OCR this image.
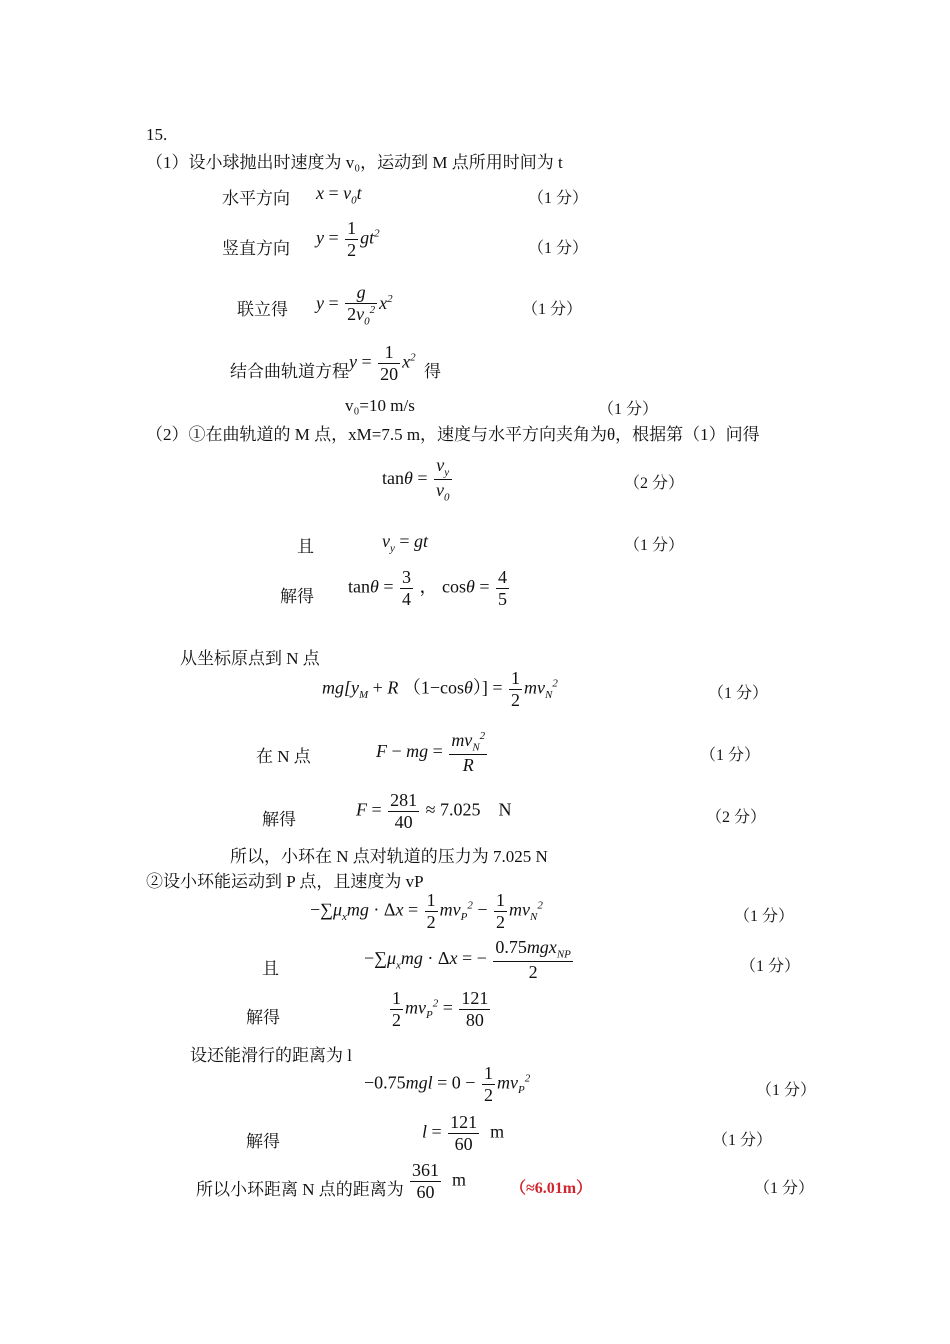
15.
（1）设小球抛出时速度为 v₀，运动到 M 点所用时间为 t
水平方向 $x = v_0t$	（1 分）
竖直方向
$y = \frac{1}{2} gt^2$
（1 分）
联立得 $y = \frac{g}{2v_0^2} x^2$
（1 分）
结合曲轨道方程
$y = \frac{1}{20} x^2$
得
v₀=10 m/s	（1 分）
（2）①在曲轨道的 M 点，xM=7.5 m，速度与水平方向夹角为θ，根据第（1）问得
$\tan\theta = \frac{v_y}{v_0}$	（2 分）
且	$v_y$ = gt	（1 分）
解得
$\tan\theta = \frac{3}{4}$ ， $\cos\theta = \frac{4}{5}$
从坐标原点到 N 点
$mg[y_M + R$ $(1-\cos\theta)] = \frac{1}{2} mv_N^2$
（1 分）
在 N 点	F − mg = $\frac{mv_N^2}{R}$	（1 分）
解得
$F = \frac{281}{40} \approx 7.025$    N	（2 分）
所以，小环在 N 点对轨道的压力为 7.025 N
②设小环能运动到 P 点，且速度为 vP
$-\sum\mu_xmg \cdot \Delta x = \frac{1}{2} mv_P^2 - \frac{1}{2} mv_N^2$
（1 分）
且
$-\sum\mu_xmg \cdot \Delta x$ = − $\frac{0.75mgx_{NP}}{2}$	（1 分）
解得	$\frac{1}{2} mv_P^2 = \frac{121}{80}$
设还能滑行的距离为 l
$-0.75mgl = 0 - \frac{1}{2} mv_P^2$
（1 分）
解得
$l = \frac{121}{60}$ m	（1 分）
所以小环距离 N 点的距离为 $\frac{361}{60}$ m	（≈6.01m）	（1 分）
